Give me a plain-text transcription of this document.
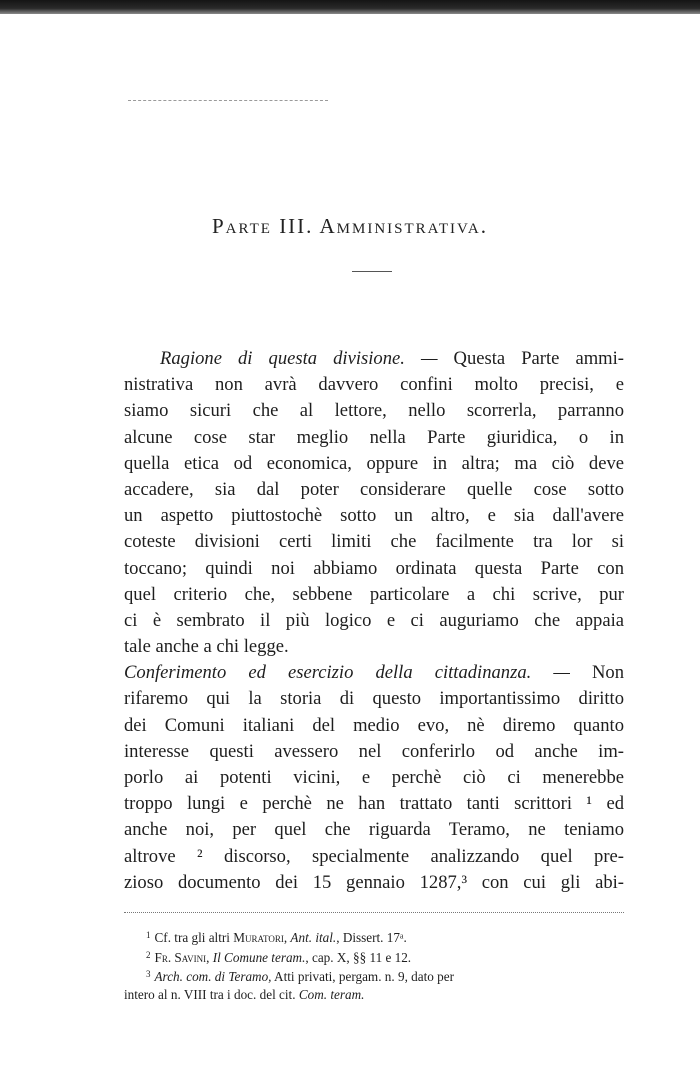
Parte III. Amministrativa.
Ragione di questa divisione. — Questa Parte ammi-
nistrativa non avrà davvero confini molto precisi, e
siamo sicuri che al lettore, nello scorrerla, parranno
alcune cose star meglio nella Parte giuridica, o in
quella etica od economica, oppure in altra; ma ciò deve
accadere, sia dal poter considerare quelle cose sotto
un aspetto piuttostochè sotto un altro, e sia dall'avere
coteste divisioni certi limiti che facilmente tra lor si
toccano; quindi noi abbiamo ordinata questa Parte con
quel criterio che, sebbene particolare a chi scrive, pur
ci è sembrato il più logico e ci auguriamo che appaia
tale anche a chi legge.
Conferimento ed esercizio della cittadinanza. — Non
rifaremo qui la storia di questo importantissimo diritto
dei Comuni italiani del medio evo, nè diremo quanto
interesse questi avessero nel conferirlo od anche im-
porlo ai potenti vicini, e perchè ciò ci menerebbe
troppo lungi e perchè ne han trattato tanti scrittori ¹ ed
anche noi, per quel che riguarda Teramo, ne teniamo
altrove ² discorso, specialmente analizzando quel pre-
zioso documento dei 15 gennaio 1287,³ con cui gli abi-
$^1$ Cf. tra gli altri Muratori, Ant. ital., Dissert. 17ᵃ.
$^2$ Fr. Savini, Il Comune teram., cap. X, §§ 11 e 12.
$^3$ Arch. com. di Teramo, Atti privati, pergam. n. 9, dato per
intero al n. VIII tra i doc. del cit. Com. teram.
